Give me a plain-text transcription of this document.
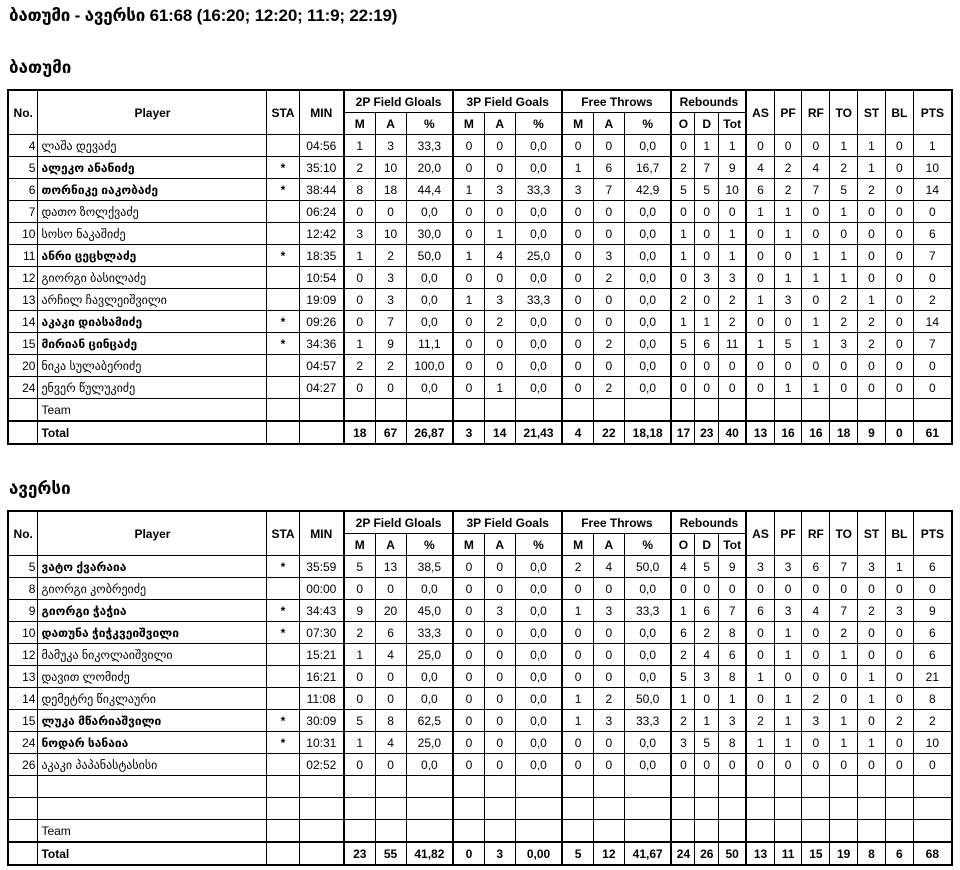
ბათუმი - ავერსი 61:68 (16:20; 12:20; 11:9; 22:19)
ბათუმი
No.	Player	STA	MIN	2P Field Gloals			3P Field Goals			Free Throws			Rebounds			AS	PF	RF	TO	ST	BL	PTS
				M	A	%	M	A	%	M	A	%	O	D	Tot							
4	ლაშა დევაძე		04:56	1	3	33,3	0	0	0,0	0	0	0,0	0	1	1	0	0	0	1	1	0	1
5	ალეკო ანანიძე	*	35:10	2	10	20,0	0	0	0,0	1	6	16,7	2	7	9	4	2	4	2	1	0	10
6	თორნიკე იაკობაძე	*	38:44	8	18	44,4	1	3	33,3	3	7	42,9	5	5	10	6	2	7	5	2	0	14
7	დათო ზოლქვაძე		06:24	0	0	0,0	0	0	0,0	0	0	0,0	0	0	0	1	1	0	1	0	0	0
10	სოსო ნაკაშიძე		12:42	3	10	30,0	0	1	0,0	0	0	0,0	1	0	1	0	1	0	0	0	0	6
11	ანრი ცეცხლაძე	*	18:35	1	2	50,0	1	4	25,0	0	3	0,0	1	0	1	0	0	1	1	0	0	7
12	გიორგი ბასილაძე		10:54	0	3	0,0	0	0	0,0	0	2	0,0	0	3	3	0	1	1	1	0	0	0
13	არჩილ ჩავლეიშვილი		19:09	0	3	0,0	1	3	33,3	0	0	0,0	2	0	2	1	3	0	2	1	0	2
14	აკაკი დიასამიძე	*	09:26	0	7	0,0	0	2	0,0	0	0	0,0	1	1	2	0	0	1	2	2	0	14
15	მირიან ცინცაძე	*	34:36	1	9	11,1	0	0	0,0	0	2	0,0	5	6	11	1	5	1	3	2	0	7
20	ნიკა სულაბერიძე		04:57	2	2	100,0	0	0	0,0	0	0	0,0	0	0	0	0	0	0	0	0	0	0
24	ენვერ წულუკიძე		04:27	0	0	0,0	0	1	0,0	0	2	0,0	0	0	0	0	1	1	0	0	0	0
	Team																					
	Total			18	67	26,87	3	14	21,43	4	22	18,18	17	23	40	13	16	16	18	9	0	61
ავერსი
No.	Player	STA	MIN	2P Field Gloals			3P Field Goals			Free Throws			Rebounds			AS	PF	RF	TO	ST	BL	PTS
				M	A	%	M	A	%	M	A	%	O	D	Tot							
5	ვატო ქვარაია	*	35:59	5	13	38,5	0	0	0,0	2	4	50,0	4	5	9	3	3	6	7	3	1	6
8	გიორგი კობრეიძე		00:00	0	0	0,0	0	0	0,0	0	0	0,0	0	0	0	0	0	0	0	0	0	0
9	გიორგი ჭაჭია	*	34:43	9	20	45,0	0	3	0,0	1	3	33,3	1	6	7	6	3	4	7	2	3	9
10	დათუნა ჭიჭკვეიშვილი	*	07:30	2	6	33,3	0	0	0,0	0	0	0,0	6	2	8	0	1	0	2	0	0	6
12	მამუკა ნიკოლაიშვილი		15:21	1	4	25,0	0	0	0,0	0	0	0,0	2	4	6	0	1	0	1	0	0	6
13	დავით ლომიძე		16:21	0	0	0,0	0	0	0,0	0	0	0,0	5	3	8	1	0	0	0	1	0	21
14	დემეტრე წიკლაური		11:08	0	0	0,0	0	0	0,0	1	2	50,0	1	0	1	0	1	2	0	1	0	8
15	ლუკა მწარიაშვილი	*	30:09	5	8	62,5	0	0	0,0	1	3	33,3	2	1	3	2	1	3	1	0	2	2
24	ნოდარ სანაია	*	10:31	1	4	25,0	0	0	0,0	0	0	0,0	3	5	8	1	1	0	1	1	0	10
26	აკაკი პაპანასტასისი		02:52	0	0	0,0	0	0	0,0	0	0	0,0	0	0	0	0	0	0	0	0	0	0

	Team																					
	Total			23	55	41,82	0	3	0,00	5	12	41,67	24	26	50	13	11	15	19	8	6	68
